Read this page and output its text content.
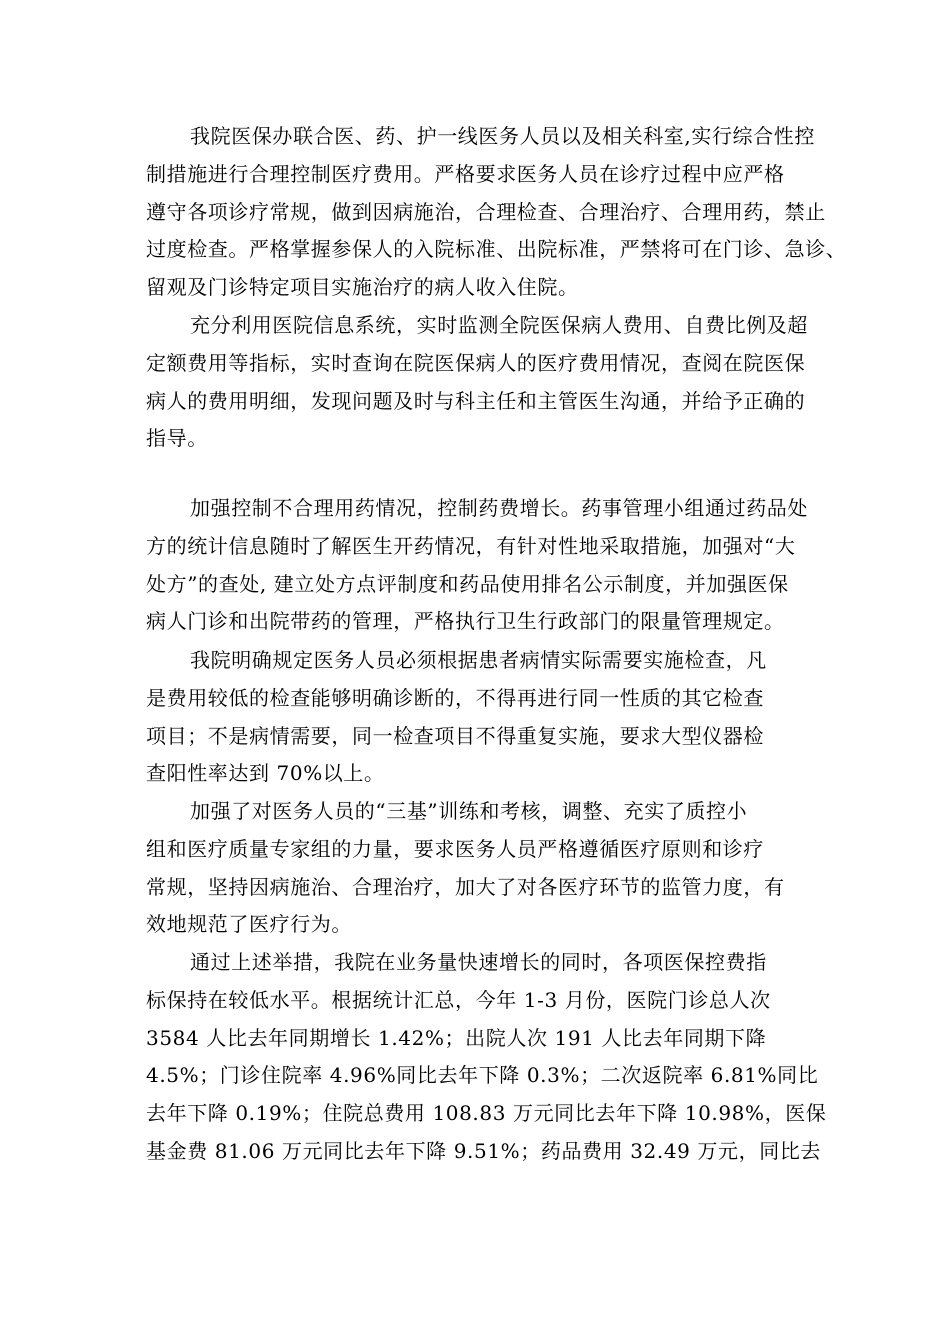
我院医保办联合医、药、护一线医务人员以及相关科室,实行综合性控
制措施进行合理控制医疗费用。严格要求医务人员在诊疗过程中应严格
遵守各项诊疗常规，做到因病施治，合理检查、合理治疗、合理用药，禁止
过度检查。严格掌握参保人的入院标准、出院标准，严禁将可在门诊、急诊、
留观及门诊特定项目实施治疗的病人收入住院。
充分利用医院信息系统，实时监测全院医保病人费用、自费比例及超
定额费用等指标，实时查询在院医保病人的医疗费用情况，查阅在院医保
病人的费用明细，发现问题及时与科主任和主管医生沟通，并给予正确的
指导。
加强控制不合理用药情况，控制药费增长。药事管理小组通过药品处
方的统计信息随时了解医生开药情况，有针对性地采取措施，加强对“大
处方”的查处, 建立处方点评制度和药品使用排名公示制度，并加强医保
病人门诊和出院带药的管理，严格执行卫生行政部门的限量管理规定。
我院明确规定医务人员必须根据患者病情实际需要实施检查，凡
是费用较低的检查能够明确诊断的，不得再进行同一性质的其它检查
项目；不是病情需要，同一检查项目不得重复实施，要求大型仪器检
查阳性率达到 70%以上。
加强了对医务人员的“三基”训练和考核，调整、充实了质控小
组和医疗质量专家组的力量，要求医务人员严格遵循医疗原则和诊疗
常规，坚持因病施治、合理治疗，加大了对各医疗环节的监管力度，有
效地规范了医疗行为。
通过上述举措，我院在业务量快速增长的同时，各项医保控费指
标保持在较低水平。根据统计汇总，今年 1-3 月份，医院门诊总人次
3584 人比去年同期增长 1.42%；出院人次 191 人比去年同期下降
4.5%；门诊住院率 4.96%同比去年下降 0.3%；二次返院率 6.81%同比
去年下降 0.19%；住院总费用 108.83 万元同比去年下降 10.98%，医保
基金费 81.06 万元同比去年下降 9.51%；药品费用 32.49 万元，同比去
